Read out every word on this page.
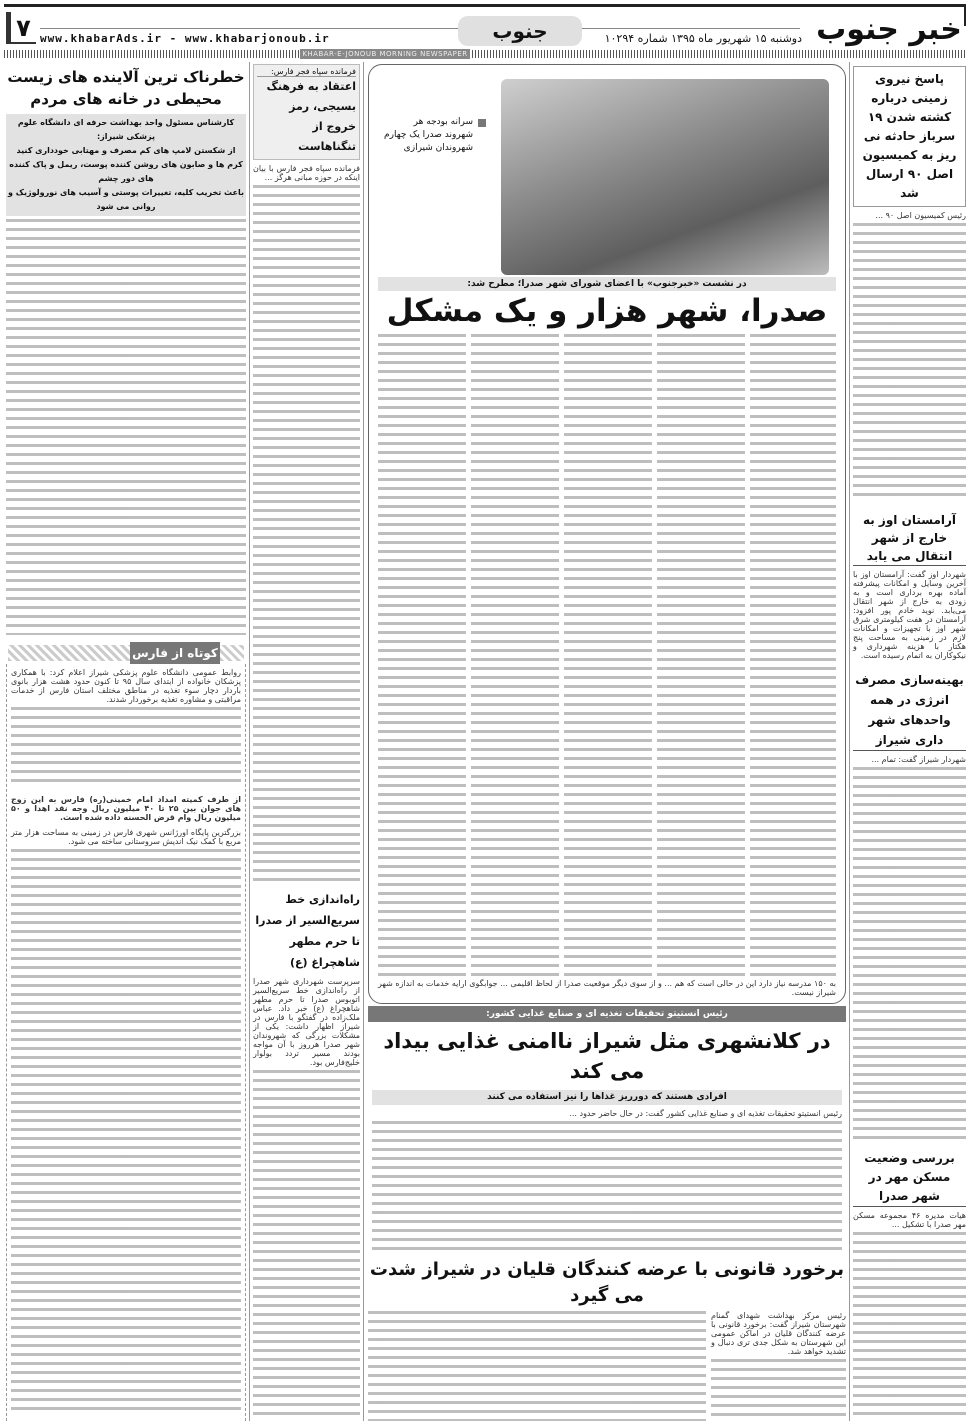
۷ www.khabarAds.ir - www.khabarjonoub.ir	جنوب	دوشنبه ۱۵ شهریور ماه ۱۳۹۵ شماره ۱۰۲۹۴ خبر جنوب
KHABAR-E-JONOUB MORNING NEWSPAPER
پاسخ نیروی زمینی درباره کشته شدن ۱۹ سرباز حادثه نی ریز به کمیسیون اصل ۹۰ ارسال شد
رئیس کمیسیون اصل ۹۰ ...
آرامستان اوز به خارج از شهر انتقال می یابد
شهردار اوز گفت: آرامستان اوز با آخرین وسایل و امکانات پیشرفته آماده بهره برداری است و به زودی به خارج از شهر انتقال می‌یابد. نوید خادم پور افزود: آرامستان در هفت کیلومتری شرق شهر اوز با تجهیزات و امکانات لازم در زمینی به مساحت پنج هکتار با هزینه شهرداری و نیکوکاران به اتمام رسیده است.
بهینه‌سازی مصرف انرژی در همه واحدهای شهر داری شیراز
شهردار شیراز گفت: تمام ...
بررسی وضعیت مسکن مهر در شهر صدرا
هیات مدیره ۴۶ مجموعه مسکن مهر صدرا با تشکیل ...
سرانه بودجه هر شهروند صدرا یک چهارم شهروندان شیرازی
در نشست «خبرجنوب» با اعضای شورای شهر صدرا؛ مطرح شد:
صدرا، شهر هزار و یک مشکل
به ۱۵۰ مدرسه نیاز دارد این در حالی است که هم ... و از سوی دیگر موقعیت صدرا از لحاظ اقلیمی ... جوابگوی ارایه خدمات به اندازه شهر شیراز نیست.
رئیس انستیتو تحقیقات تغذیه ای و صنایع غذایی کشور:
در کلانشهری مثل شیراز ناامنی غذایی بیداد می کند
افرادی هستند که دورریز غذاها را نیز استفاده می کنند
رئیس انستیتو تحقیقات تغذیه ای و صنایع غذایی کشور گفت: در حال حاضر حدود ...
برخورد قانونی با عرضه کنندگان قلیان در شیراز شدت می گیرد
رئیس مرکز بهداشت شهدای گمنام شهرستان شیراز گفت: برخورد قانونی با عرضه کنندگان قلیان در اماکن عمومی این شهرستان به شکل جدی تری دنبال و تشدید خواهد شد.
فرمانده سپاه فجر فارس:
اعتقاد به فرهنگ بسیجی، رمز خروج از تنگناهاست
فرمانده سپاه فجر فارس با بیان اینکه در حوزه مبانی هرگز ...
راه‌اندازی خط سریع‌السیر از صدرا تا حرم مطهر شاهچراغ (ع)
سرپرست شهرداری شهر صدرا از راه‌اندازی خط سریع‌السیر اتوبوس صدرا تا حرم مطهر شاهچراغ (ع) خبر داد. عباس ملک‌زاده در گفتگو با فارس در شیراز اظهار داشت: یکی از مشکلات بزرگی که شهروندان شهر صدرا هرروز با آن مواجه بودند مسیر تردد بولوار خلیج‌فارس بود.
خطرناک ترین آلاینده های زیست محیطی در خانه های مردم
کارشناس مسئول واحد بهداشت حرفه ای دانشگاه علوم پزشکی شیراز:
از شکستن لامپ های کم مصرف و مهتابی خودداری کنید
کرم ها و صابون های روشن کننده پوست، ریمل و پاک کننده های دور چشم
باعث تخریب کلیه، تغییرات پوستی و آسیب های نورولوژیک و روانی می شود
کوتاه از فارس
روابط عمومی دانشگاه علوم پزشکی شیراز اعلام کرد: با همکاری پزشکان خانواده از ابتدای سال ۹۵ تا کنون حدود هشت هزار بانوی باردار دچار سوء تغذیه در مناطق مختلف استان فارس از خدمات مراقبتی و مشاوره تغذیه برخوردار شدند.
از طرف کمیته امداد امام خمینی(ره) فارس به این زوج های جوان بین ۲۵ تا ۴۰ میلیون ریال وجه نقد اهدا و ۵۰ میلیون ریال وام قرض الحسنه داده شده است.
بزرگترین پایگاه اورژانس شهری فارس در زمینی به مساحت هزار متر مربع با کمک نیک اندیش سروستانی ساخته می شود.
